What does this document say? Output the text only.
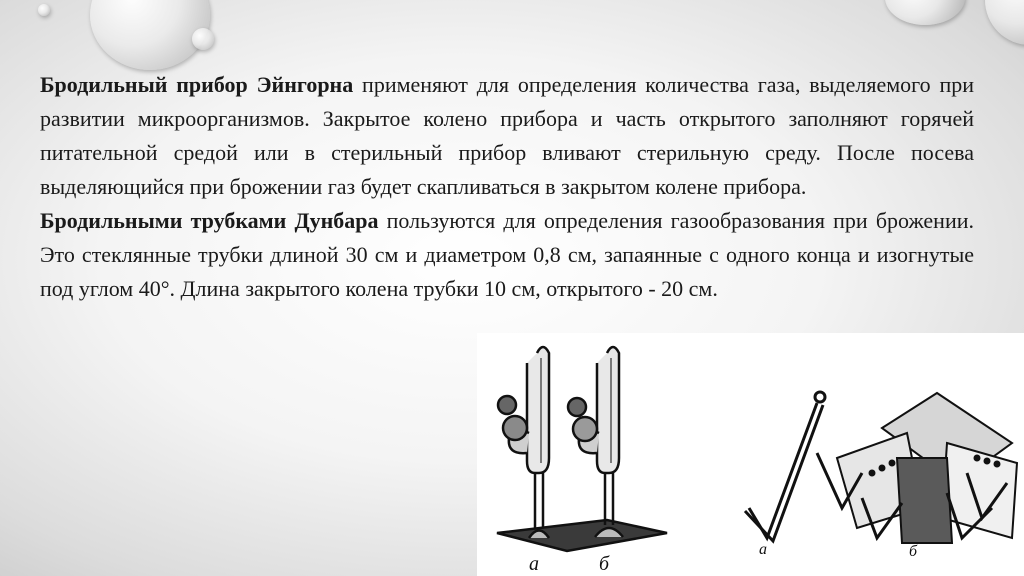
Бродильный прибор Эйнгорна применяют для определения количества газа, выделяемого при развитии микроорганизмов. Закрытое колено прибора и часть открытого заполняют горячей питательной средой или в стерильный прибор вливают стерильную среду. После посева выделяющийся при брожении газ будет скапливаться в закрытом колене прибора.

Бродильными трубками Дунбара пользуются для определения газообразования при брожении. Это стеклянные трубки длиной 30 см и диаметром 0,8 см, запаянные с одного конца и изогнутые под углом 40°. Длина закрытого колена трубки 10 см, открытого - 20 см.

а	б
а	б
